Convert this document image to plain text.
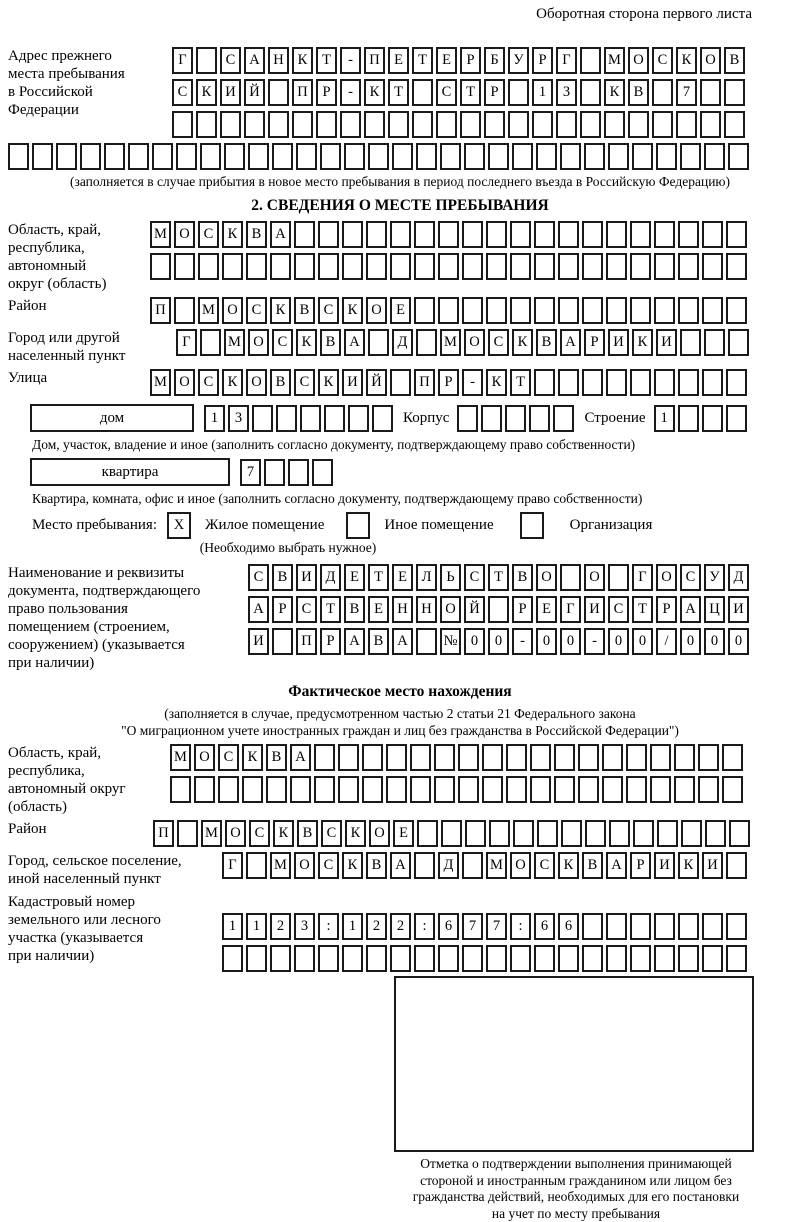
Оборотная сторона первого листа
Адрес прежнего
места пребывания
в Российской
Федерации
Г	С А Н К	Т	-	П Е	Т	Е	Р	Б	У	Р	Г	М О С К О В
С К И Й	П	Р	-	К	Т	С	Т	Р	1	3	К В	7
(заполняется в случае прибытия в новое место пребывания в период последнего въезда в Российскую Федерацию)
2. СВЕДЕНИЯ О МЕСТЕ ПРЕБЫВАНИЯ
Область, край,
республика,
автономный
округ (область)
М О С К В А
Район	П	М О С К В С К О Е
Город или другой
населенный пункт
Г	М О С К В А	Д	М О С К В А	Р	И К И
Улица	М О С К О В С К И Й	П	Р	-	К	Т
дом	1	3	Корпус	Строение	1
Дом, участок, владение и иное (заполнить согласно документу, подтверждающему право собственности)
квартира	7
Квартира, комната, офис и иное (заполнить согласно документу, подтверждающему право собственности)
Место пребывания:	X	Жилое помещение	Иное помещение	Организация
(Необходимо выбрать нужное)
Наименование и реквизиты
документа, подтверждающего
право пользования
помещением (строением,
сооружением) (указывается
при наличии)
С В И Д	Е	Т	Е	Л	Ь	С	Т	В О	О	Г	О С У Д
А	Р	С	Т	В	Е Н Н О Й	Р	Е	Г	И С	Т	Р	А Ц И
И	П	Р	А В А	№ 0	0	-	0	0	-	0	0	/	0	0	0
Фактическое место нахождения
(заполняется в случае, предусмотренном частью 2 статьи 21 Федерального закона
"О миграционном учете иностранных граждан и лиц без гражданства в Российской Федерации")
Область, край,
республика,
автономный округ
(область)
М О С К В А
Район	П	М О С К В С К О Е
Город, сельское поселение,
иной населенный пункт
Г	М О С К В А	Д	М О С К В А	Р	И К И
Кадастровый номер
земельного или лесного
участка (указывается
при наличии)
1	1	2	3	:	1	2	2	:	6	7	7	:	6	6
Отметка о подтверждении выполнения принимающей
стороной и иностранным гражданином или лицом без
гражданства действий, необходимых для его постановки
на учет по месту пребывания
